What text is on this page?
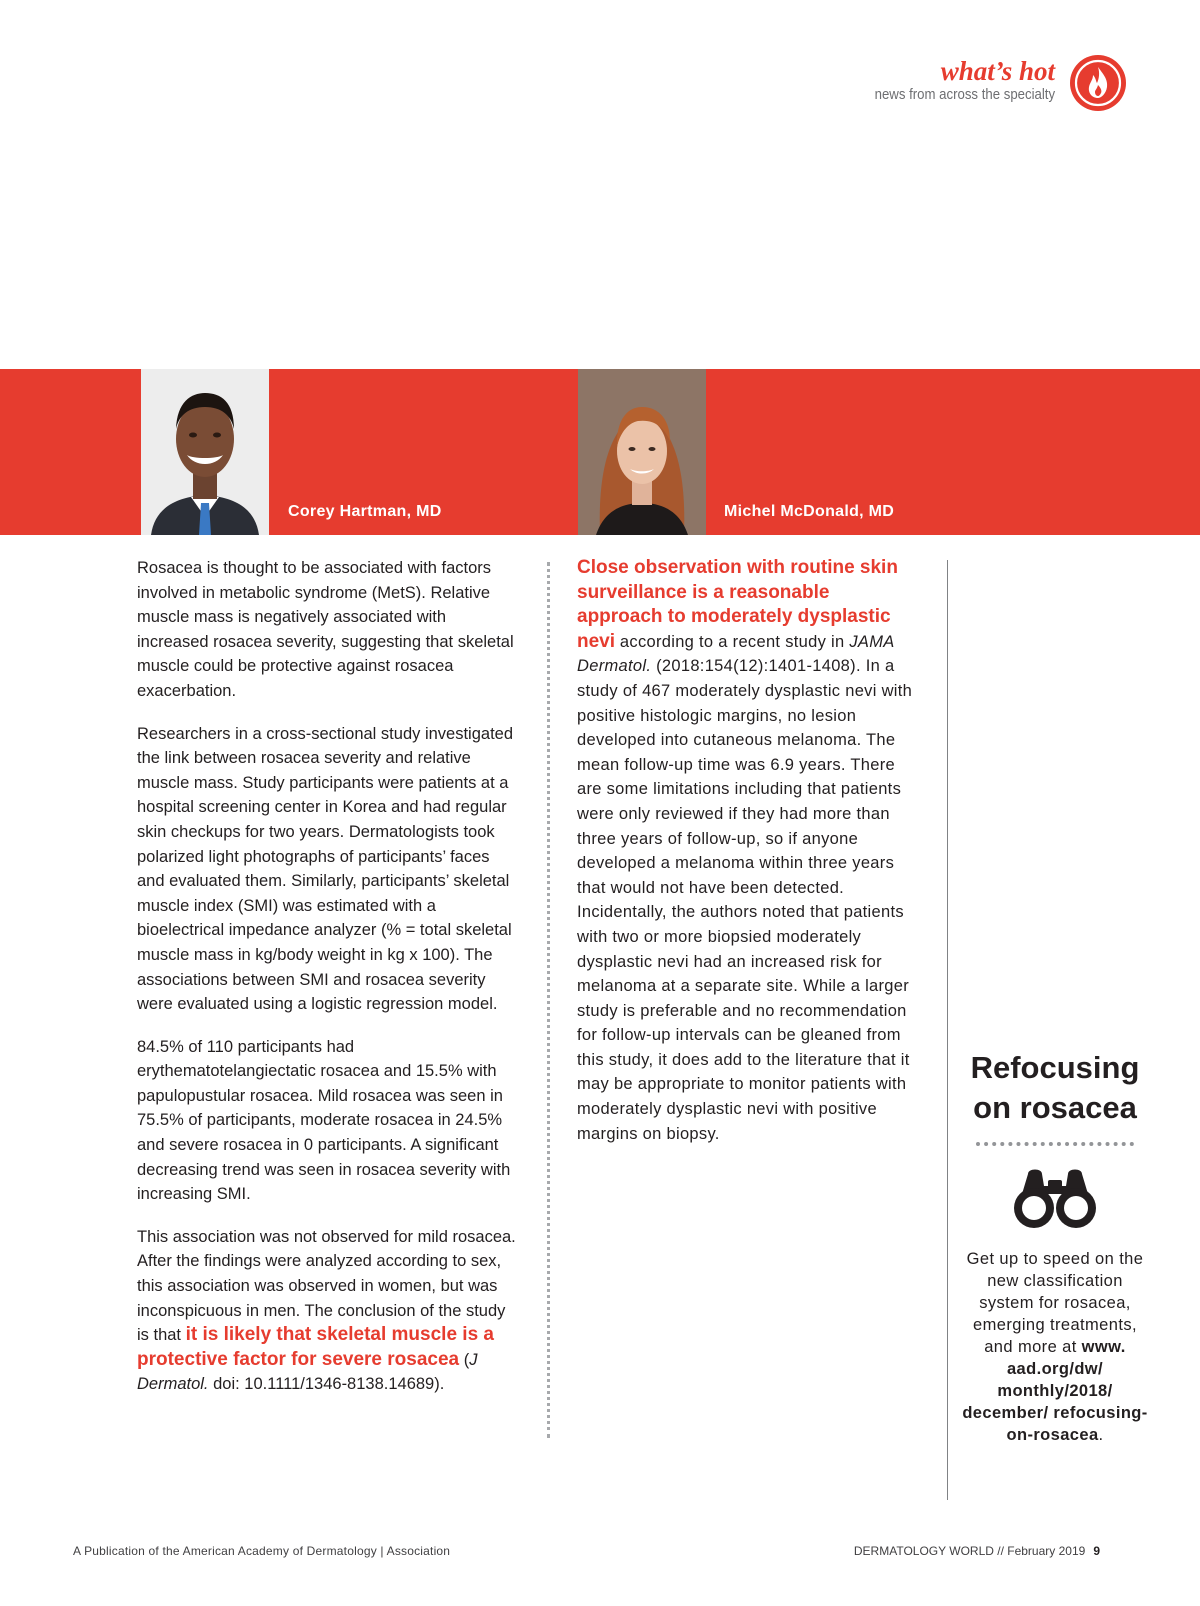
what’s hot
news from across the specialty
Corey Hartman, MD	Michel McDonald, MD

Rosacea is thought to be associated with factors involved in metabolic syndrome (MetS). Relative muscle mass is negatively associated with increased rosacea severity, suggesting that skeletal muscle could be protective against rosacea exacerbation.

Researchers in a cross-sectional study investigated the link between rosacea severity and relative muscle mass. Study participants were patients at a hospital screening center in Korea and had regular skin checkups for two years. Dermatologists took polarized light photographs of participants’ faces and evaluated them. Similarly, participants’ skeletal muscle index (SMI) was estimated with a bioelectrical impedance analyzer (% = total skeletal muscle mass in kg/body weight in kg x 100). The associations between SMI and rosacea severity were evaluated using a logistic regression model.

84.5% of 110 participants had erythematotelangiectatic rosacea and 15.5% with papulopustular rosacea. Mild rosacea was seen in 75.5% of participants, moderate rosacea in 24.5% and severe rosacea in 0 participants. A significant decreasing trend was seen in rosacea severity with increasing SMI.

This association was not observed for mild rosacea. After the findings were analyzed according to sex, this association was observed in women, but was inconspicuous in men. The conclusion of the study is that it is likely that skeletal muscle is a protective factor for severe rosacea (J Dermatol. doi: 10.1111/1346-8138.14689).

Close observation with routine skin surveillance is a reasonable approach to moderately dysplastic nevi according to a recent study in JAMA Dermatol. (2018:154(12):1401-1408). In a study of 467 moderately dysplastic nevi with positive histologic margins, no lesion developed into cutaneous melanoma. The mean follow-up time was 6.9 years. There are some limitations including that patients were only reviewed if they had more than three years of follow-up, so if anyone developed a melanoma within three years that would not have been detected. Incidentally, the authors noted that patients with two or more biopsied moderately dysplastic nevi had an increased risk for melanoma at a separate site. While a larger study is preferable and no recommendation for follow-up intervals can be gleaned from this study, it does add to the literature that it may be appropriate to monitor patients with moderately dysplastic nevi with positive margins on biopsy.
Refocusing
on rosacea
Get up to speed on the new classification system for rosacea, emerging treatments, and more at www. aad.org/dw/ monthly/2018/ december/ refocusing-on-rosacea.
A Publication of the American Academy of Dermatology | Association	DERMATOLOGY WORLD // February 2019 9
